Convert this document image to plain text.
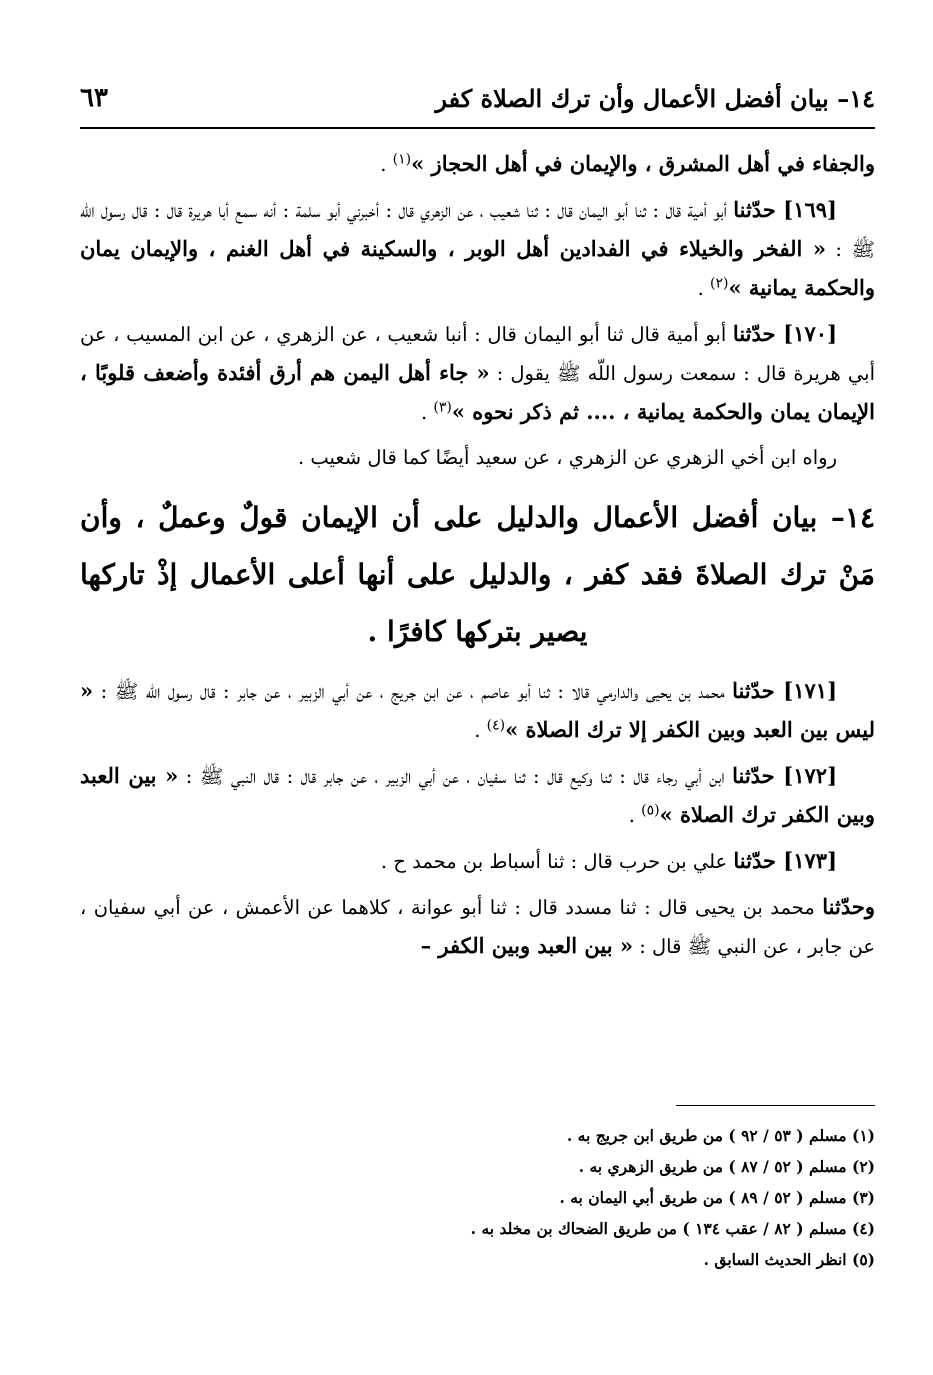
٦٣	١٤– بيان أفضل الأعمال وأن ترك الصلاة كفر
والجفاء في أهل المشرق ، والإيمان في أهل الحجاز »$^{(١)}$ .
[١٦٩] حدّثنا أبو أمية قال : ثنا أبو اليمان قال : ثنا شعيب ، عن الزهري قال : أخبرني أبو سلمة : أنه سمع أبا هريرة قال : قال رسول اللّه ﷺ : « الفخر والخيلاء في الفدادين أهل الوبر ، والسكينة في أهل الغنم ، والإيمان يمان والحكمة يمانية »$^{(٢)}$ .
[١٧٠] حدّثنا أبو أمية قال ثنا أبو اليمان قال : أنبا شعيب ، عن الزهري ، عن ابن المسيب ، عن أبي هريرة قال : سمعت رسول اللّه ﷺ يقول : « جاء أهل اليمن هم أرق أفئدة وأضعف قلوبًا ، الإيمان يمان والحكمة يمانية ، .... ثم ذكر نحوه »$^{(٣)}$ .
رواه ابن أخي الزهري عن الزهري ، عن سعيد أيضًا كما قال شعيب .
١٤– بيان أفضل الأعمال والدليل على أن الإيمان قولٌ وعملٌ ، وأن مَنْ ترك الصلاةَ فقد كفر ، والدليل على أنها أعلى الأعمال إذْ تاركها يصير بتركها كافرًا .
[١٧١] حدّثنا محمد بن يحيى والدارمي قالا : ثنا أبو عاصم ، عن ابن جريج ، عن أبي الزبير ، عن جابر : قال رسول اللّه ﷺ : « ليس بين العبد وبين الكفر إلا ترك الصلاة »$^{(٤)}$ .
[١٧٢] حدّثنا ابن أبي رجاء قال : ثنا وكيع قال : ثنا سفيان ، عن أبي الزبير ، عن جابر قال : قال النبي ﷺ : « بين العبد وبين الكفر ترك الصلاة »$^{(٥)}$ .
[١٧٣] حدّثنا علي بن حرب قال : ثنا أسباط بن محمد ح .
وحدّثنا محمد بن يحيى قال : ثنا مسدد قال : ثنا أبو عوانة ، كلاهما عن الأعمش ، عن أبي سفيان ، عن جابر ، عن النبي ﷺ قال : « بين العبد وبين الكفر –
(١) مسلم ( ٥٣ / ٩٢ ) من طريق ابن جريج به .
(٢) مسلم ( ٥٢ / ٨٧ ) من طريق الزهري به .
(٣) مسلم ( ٥٢ / ٨٩ ) من طريق أبي اليمان به .
(٤) مسلم ( ٨٢ / عقب ١٣٤ ) من طريق الضحاك بن مخلد به .
(٥) انظر الحديث السابق .
